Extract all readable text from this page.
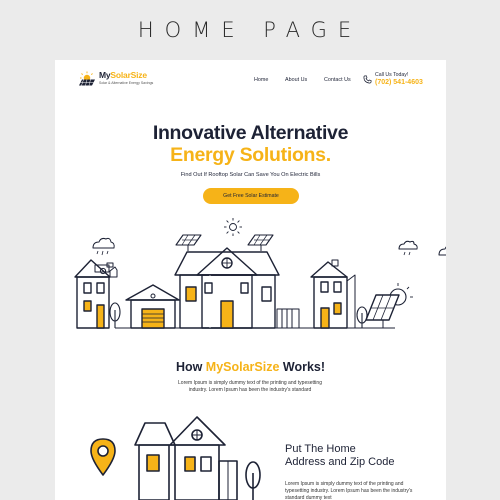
HOME PAGE
MySolarSize
Solar & Alternative Energy Savings	Home	About Us	Contact Us
Call Us Today!
(702) 541-4603
Innovative Alternative
Energy Solutions.
Find Out If Rooftop Solar Can Save You On Electric Bills
Get Free Solar Estimate
How MySolarSize Works!
Lorem Ipsum is simply dummy text of the printing and typesetting industry. Lorem Ipsum has been the industry's standard
Put The Home
Address and Zip Code
Lorem Ipsum is simply dummy text of the printing and typesetting industry. Lorem Ipsum has been the industry's standard dummy text
